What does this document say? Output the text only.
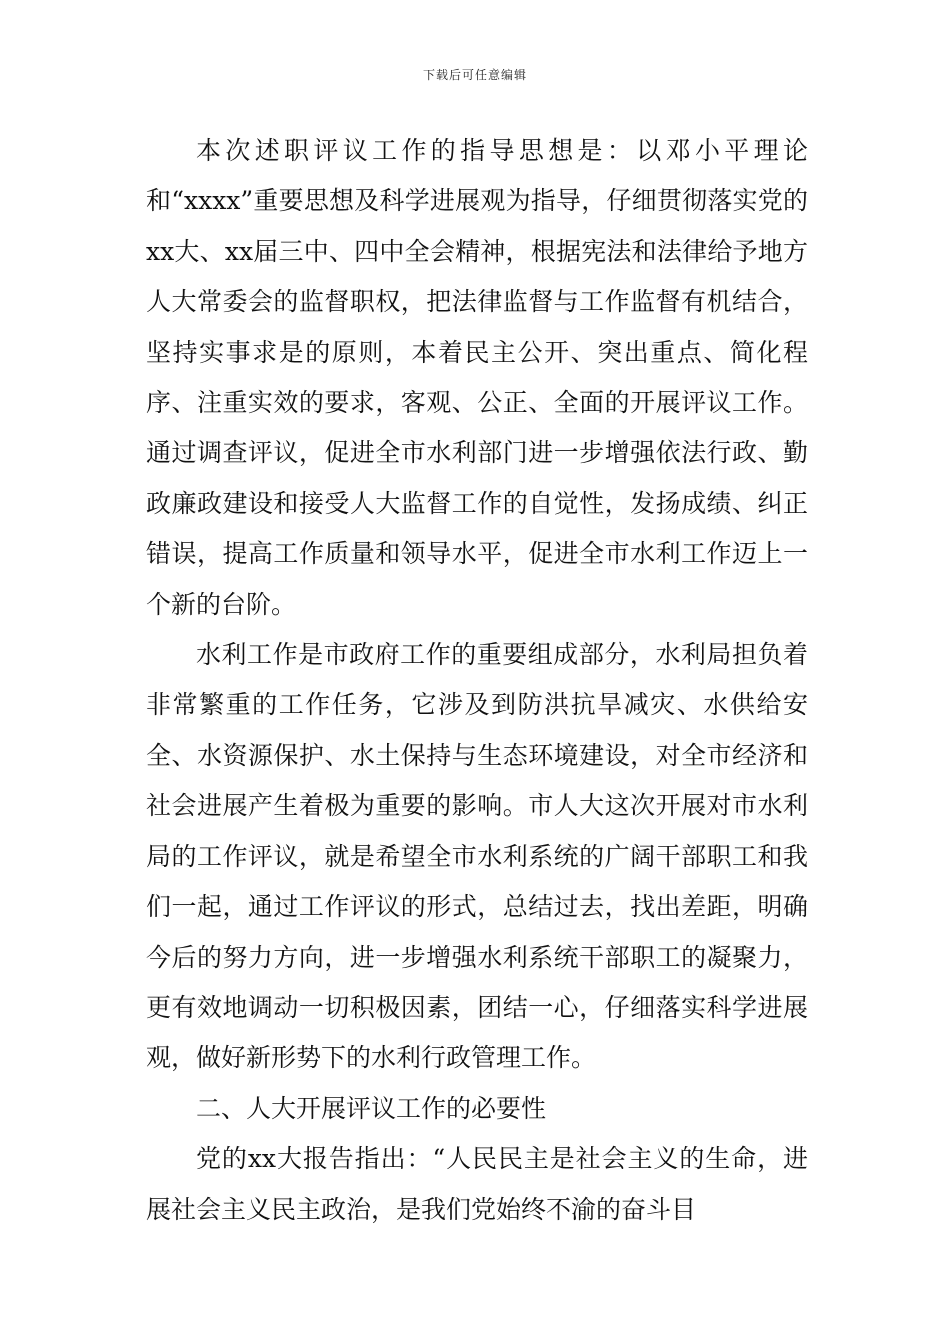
下载后可任意编辑

本次述职评议工作的指导思想是：以邓小平理论和“xxxx”重要思想及科学进展观为指导，仔细贯彻落实党的xx大、xx届三中、四中全会精神，根据宪法和法律给予地方人大常委会的监督职权，把法律监督与工作监督有机结合，坚持实事求是的原则，本着民主公开、突出重点、简化程序、注重实效的要求，客观、公正、全面的开展评议工作。通过调查评议，促进全市水利部门进一步增强依法行政、勤政廉政建设和接受人大监督工作的自觉性，发扬成绩、纠正错误，提高工作质量和领导水平，促进全市水利工作迈上一个新的台阶。

水利工作是市政府工作的重要组成部分，水利局担负着非常繁重的工作任务，它涉及到防洪抗旱减灾、水供给安全、水资源保护、水土保持与生态环境建设，对全市经济和社会进展产生着极为重要的影响。市人大这次开展对市水利局的工作评议，就是希望全市水利系统的广阔干部职工和我们一起，通过工作评议的形式，总结过去，找出差距，明确今后的努力方向，进一步增强水利系统干部职工的凝聚力，更有效地调动一切积极因素，团结一心，仔细落实科学进展观，做好新形势下的水利行政管理工作。

二、人大开展评议工作的必要性

党的xx大报告指出：“人民民主是社会主义的生命，进展社会主义民主政治，是我们党始终不渝的奋斗目
